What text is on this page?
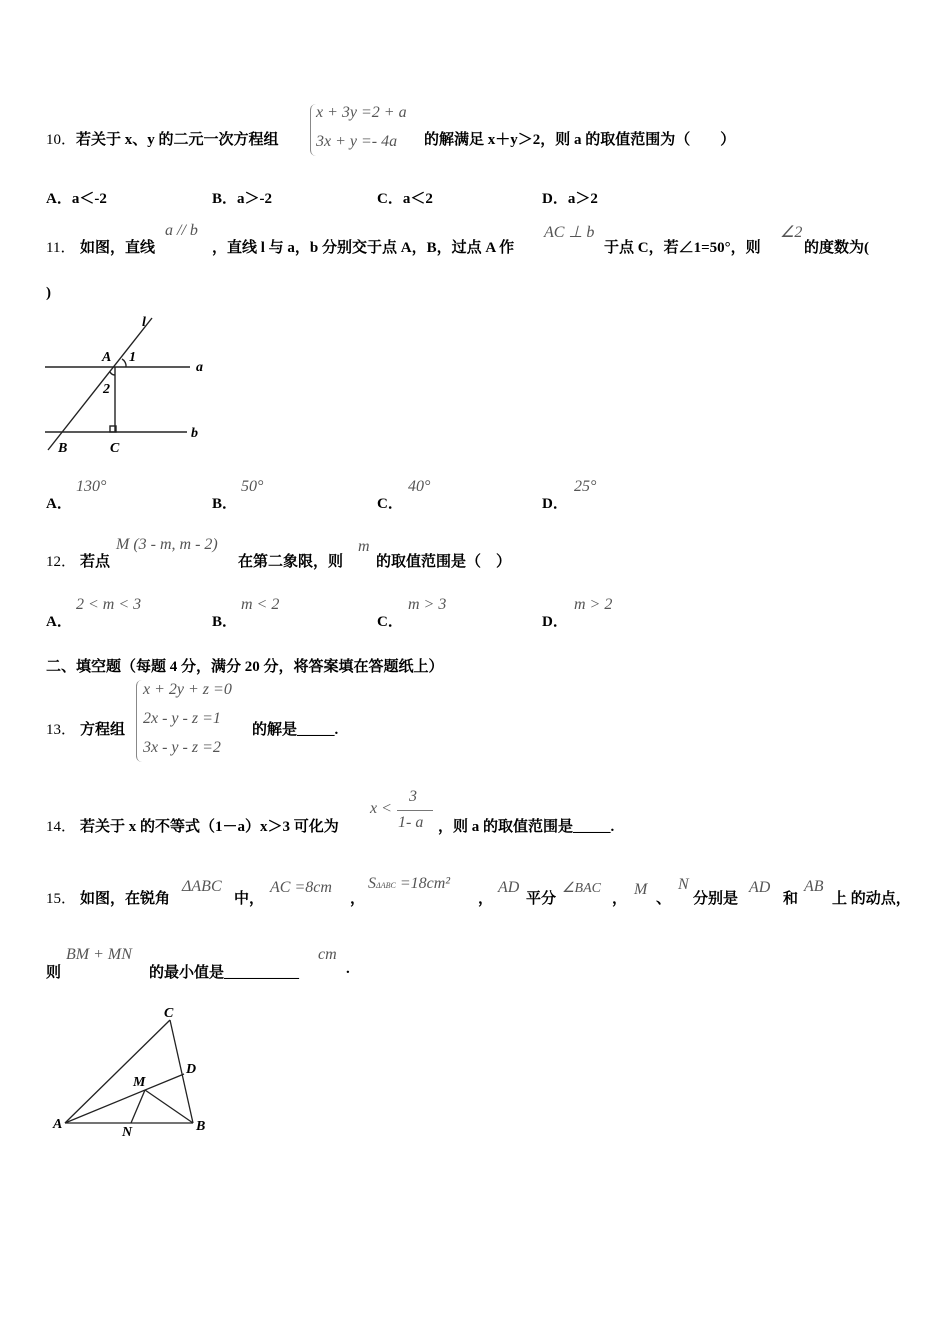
10．若关于 x、y 的二元一次方程组
x + 3y =2 + a
3x + y =- 4a 的解满足 x＋y＞2，则 a 的取值范围为（　　）
A．a＜-2	B．a＞-2	C．a＜2	D．a＞2
11． 如图，直线
a // b
，直线 l 与 a，b 分别交于点 A，B，过点 A 作
AC ⊥ b
于点 C，若∠1=50°，则
∠2
的度数为(
)
l
A 1
a
2
B	C
b
C
D
M
A	B
N
A．
130°
B．
50°
C．
40°
D．
25°
12． 若点
M (3 - m, m - 2)
在第二象限，则
m
的取值范围是（　）
A．
2 < m < 3
B．
m < 2
C．
m > 3
D．
m > 2
二、填空题（每题 4 分，满分 20 分，将答案填在答题纸上）
13． 方程组
x + 2y + z =0
2x - y - z =1
3x - y - z =2
的解是_____.
14． 若关于 x 的不等式（1－a）x＞3 可化为
x <
3
1- a ，则 a 的取值范围是_____.
15． 如图，在锐角
ΔABC
中，
AC =8cm
，
SΔABC =18cm²
，
AD
平分
∠BAC
，
M
、
N
分别是
AD
和
AB
上 的动点，
则
BM + MN
的最小值是__________
cm
.
